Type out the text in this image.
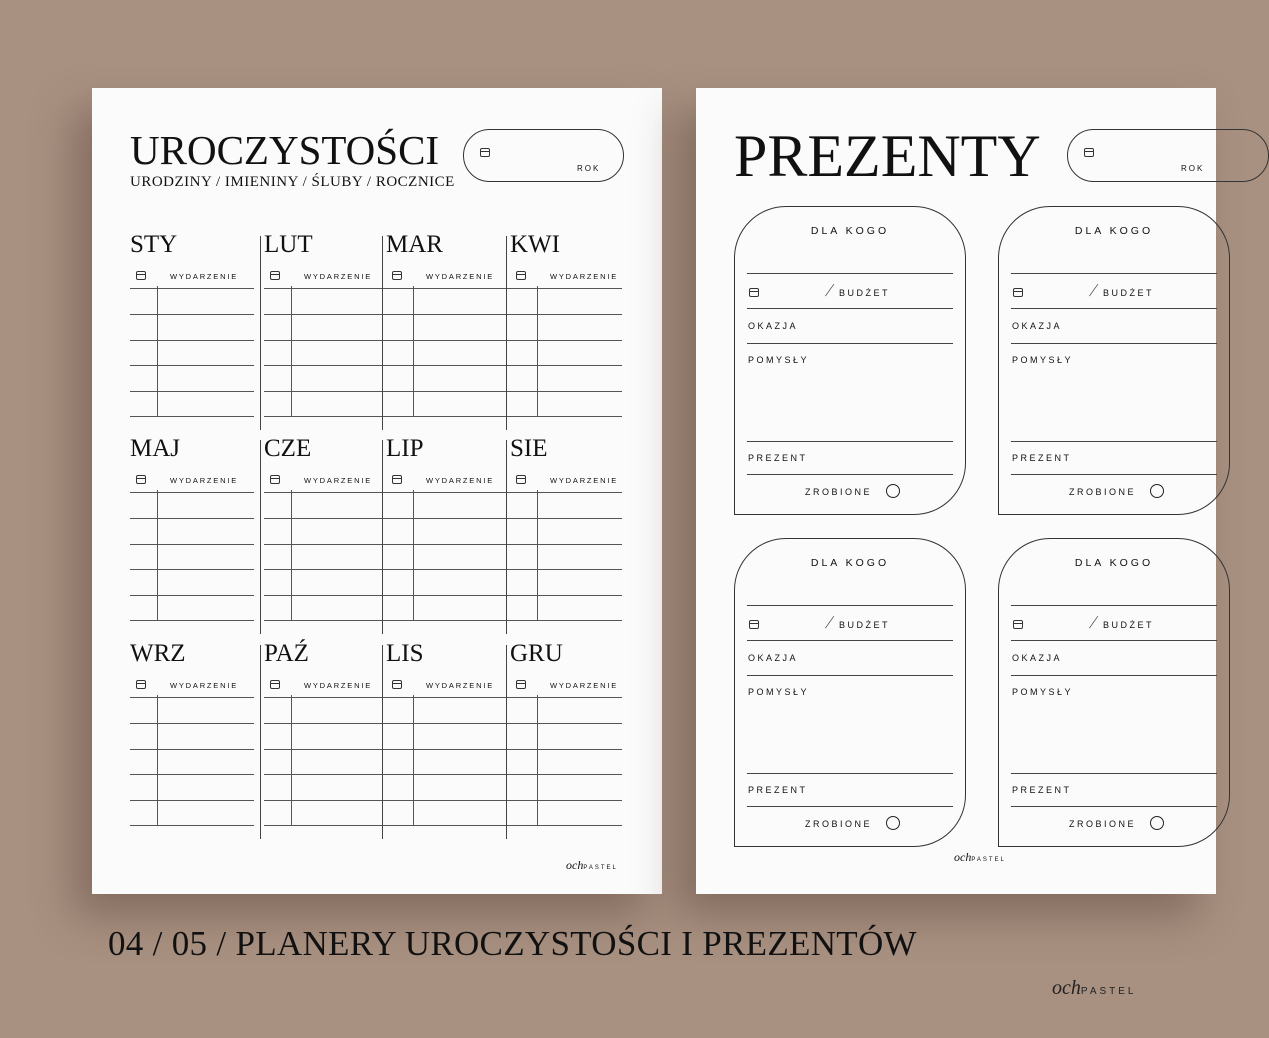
UROCZYSTOŚCI
URODZINY / IMIENINY / ŚLUBY / ROCZNICE
ROK
STY
WYDARZENIE
LUT
WYDARZENIE
MAR
WYDARZENIE
KWI
WYDARZENIE
MAJ
WYDARZENIE
CZE
WYDARZENIE
LIP
WYDARZENIE
SIE
WYDARZENIE
WRZ
WYDARZENIE
PAŹ
WYDARZENIE
LIS
WYDARZENIE
GRU
WYDARZENIE
ochPASTEL
PREZENTY	ROK
DLA KOGO
/ BUDŻET
OKAZJA
POMYSŁY
PREZENT
ZROBIONE
DLA KOGO
/ BUDŻET
OKAZJA
POMYSŁY
PREZENT
ZROBIONE
DLA KOGO
/ BUDŻET
OKAZJA
POMYSŁY
PREZENT
ZROBIONE
DLA KOGO
/ BUDŻET
OKAZJA
POMYSŁY
PREZENT
ZROBIONE
ochPASTEL
04 / 05 / PLANERY UROCZYSTOŚCI I PREZENTÓW
ochPASTEL
